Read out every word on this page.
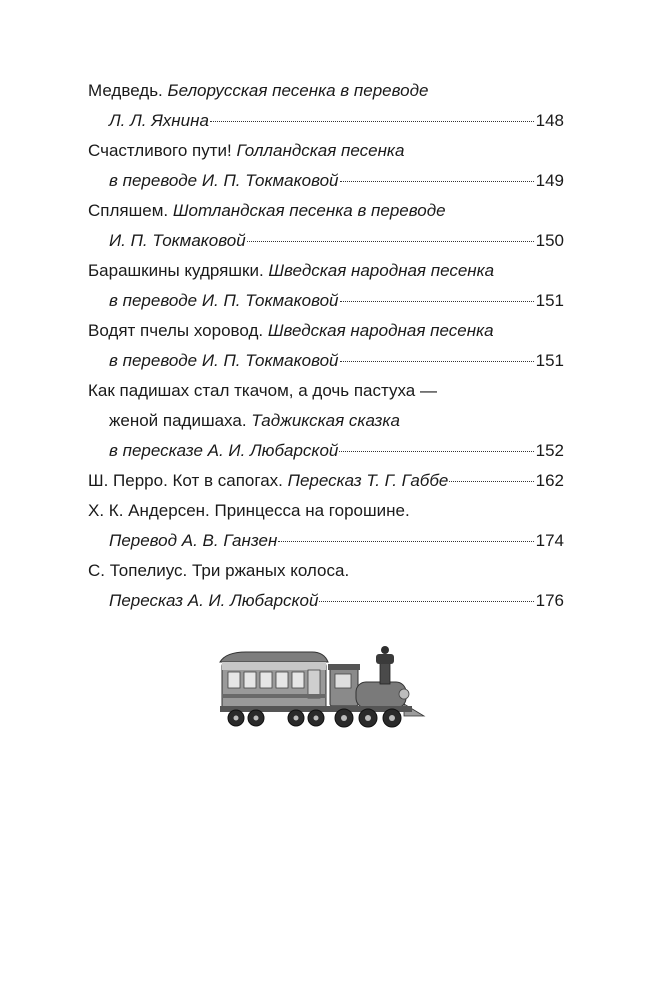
Медведь. Белорусская песенка в переводе
Л. Л. Яхнина	148
Счастливого пути! Голландская песенка
в переводе И. П. Токмаковой	149
Спляшем. Шотландская песенка в переводе
И. П. Токмаковой	150
Барашкины кудряшки. Шведская народная песенка
в переводе И. П. Токмаковой	151
Водят пчелы хоровод. Шведская народная песенка
в переводе И. П. Токмаковой	151
Как падишах стал ткачом, а дочь пастуха —
женой падишаха. Таджикская сказка
в пересказе А. И. Любарской	152
Ш. Перро. Кот в сапогах. Пересказ Т. Г. Габбе	162
Х. К. Андерсен. Принцесса на горошине.
Перевод А. В. Ганзен	174
С. Топелиус. Три ржаных колоса.
Пересказ А. И. Любарской	176
